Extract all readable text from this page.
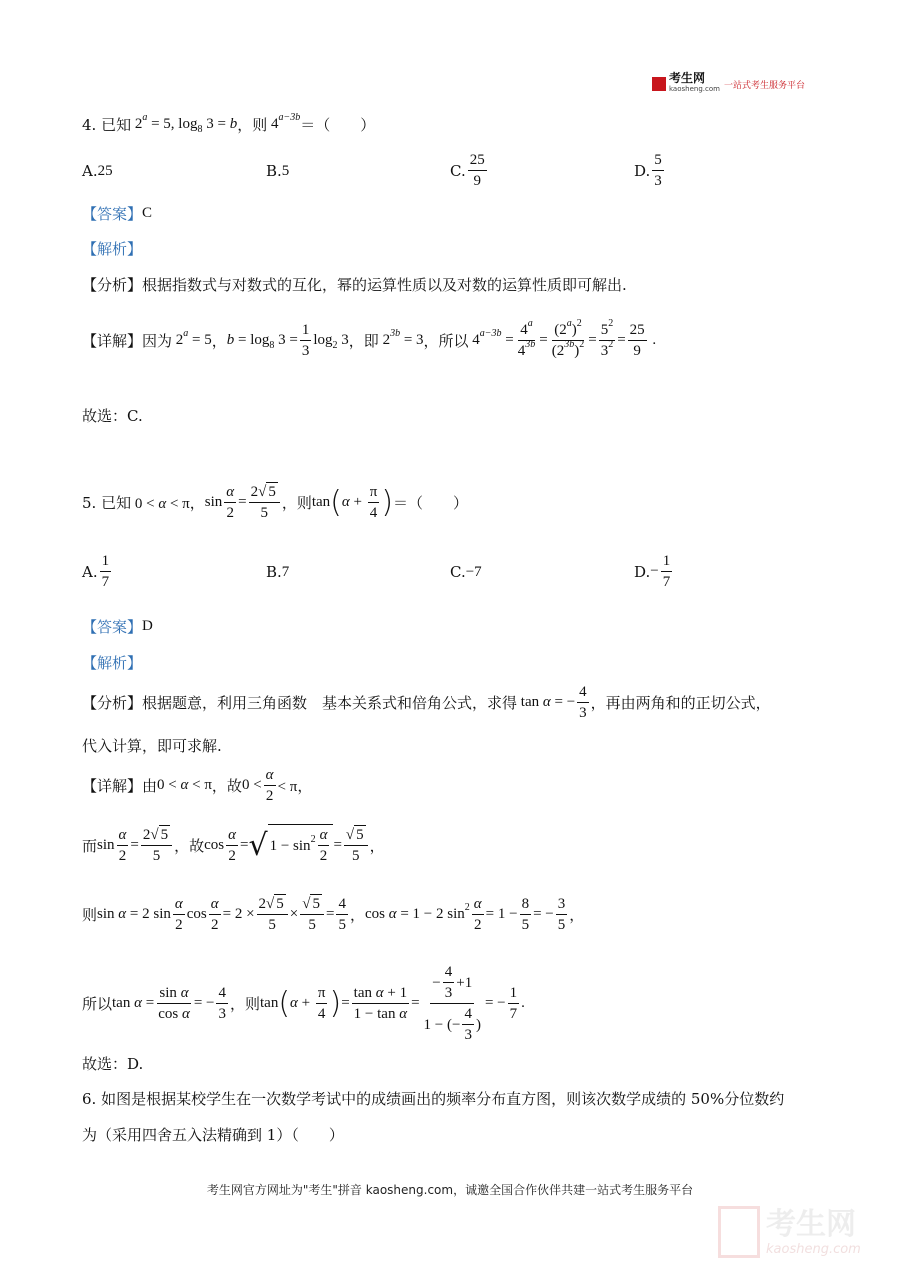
考生网
kaosheng.com 一站式考生服务平台
4. 已知 $2^a = 5$, $\log_8 3 = b$ ，则 $4^{a-3b}$ ＝（　　）
A. 25	B. 5	C. $\frac{25}{9}$	D. $\frac{5}{3}$
【答案】 C
【解析】
【分析】 根据指数式与对数式的互化，幂的运算性质以及对数的运算性质即可解出.
【详解】 因为 $2^a = 5$ ， $b = \log_8 3 = \frac{1}{3} \log_2 3$ ，即 $2^{3b} = 3$ ，所以 $4^{a-3b} = \frac{4^a}{4^{3b}} = \frac{(2^a)^2}{(2^{3b})^2} = \frac{5^2}{3^2} = \frac{25}{9}$ .
故选：C.
5. 已知 0 < α < π， $\sin \frac{\alpha}{2} = \frac{2√ 5}{5}$ ，则 tan ( $\alpha + \frac{\pi}{4}$ ) ＝（　　）
A. $\frac{1}{7}$	B. 7	C. −7	D. − $\frac{1}{7}$
【答案】 D
【解析】
【分析】 根据题意，利用三角函数　基本关系式和倍角公式，求得 tan α = − $\frac{4}{3}$ ，再由两角和的正切公式，
代入计算，即可求解.
【详解】 由 0 < α < π ，故 $0 < \frac{\alpha}{2} < \pi$，
而 $\sin \frac{\alpha}{2} = \frac{2√ 5}{5}$ ，故 $\cos \frac{\alpha}{2}$ = √ $1 - \sin^2 \frac{\alpha}{2} = \frac{√ 5}{5}$ ，
则 sin α = 2 $\sin \frac{\alpha}{2}$ $\cos \frac{\alpha}{2} = 2 \times \frac{2√ 5}{5} \times \frac{√ 5}{5} = \frac{4}{5}$ ， cos α = 1 − 2 $\sin^2 \frac{\alpha}{2} = 1 - \frac{8}{5}$ = − $\frac{3}{5}$ ，
所以 $\tan \alpha = \frac{\text{sin α}}{\text{cos α}}$ = − $\frac{4}{3}$ ，则 tan ( $\alpha + \frac{\pi}{4}$ ) = $\frac{\text{tan α + 1}}{\text{1 − tan α}} = \frac{- \frac{4}{3} +1}{1 - (- \frac{4}{3} )}$ = − $\frac{1}{7}$ .
故选：D.
6. 如图是根据某校学生在一次数学考试中的成绩画出的频率分布直方图，则该次数学成绩的 50%分位数约
为（采用四舍五入法精确到 1）（　　）
考生网官方网址为"考生"拼音 kaosheng.com，诚邀全国合作伙伴共建一站式考生服务平台
考生网
kaosheng.com
